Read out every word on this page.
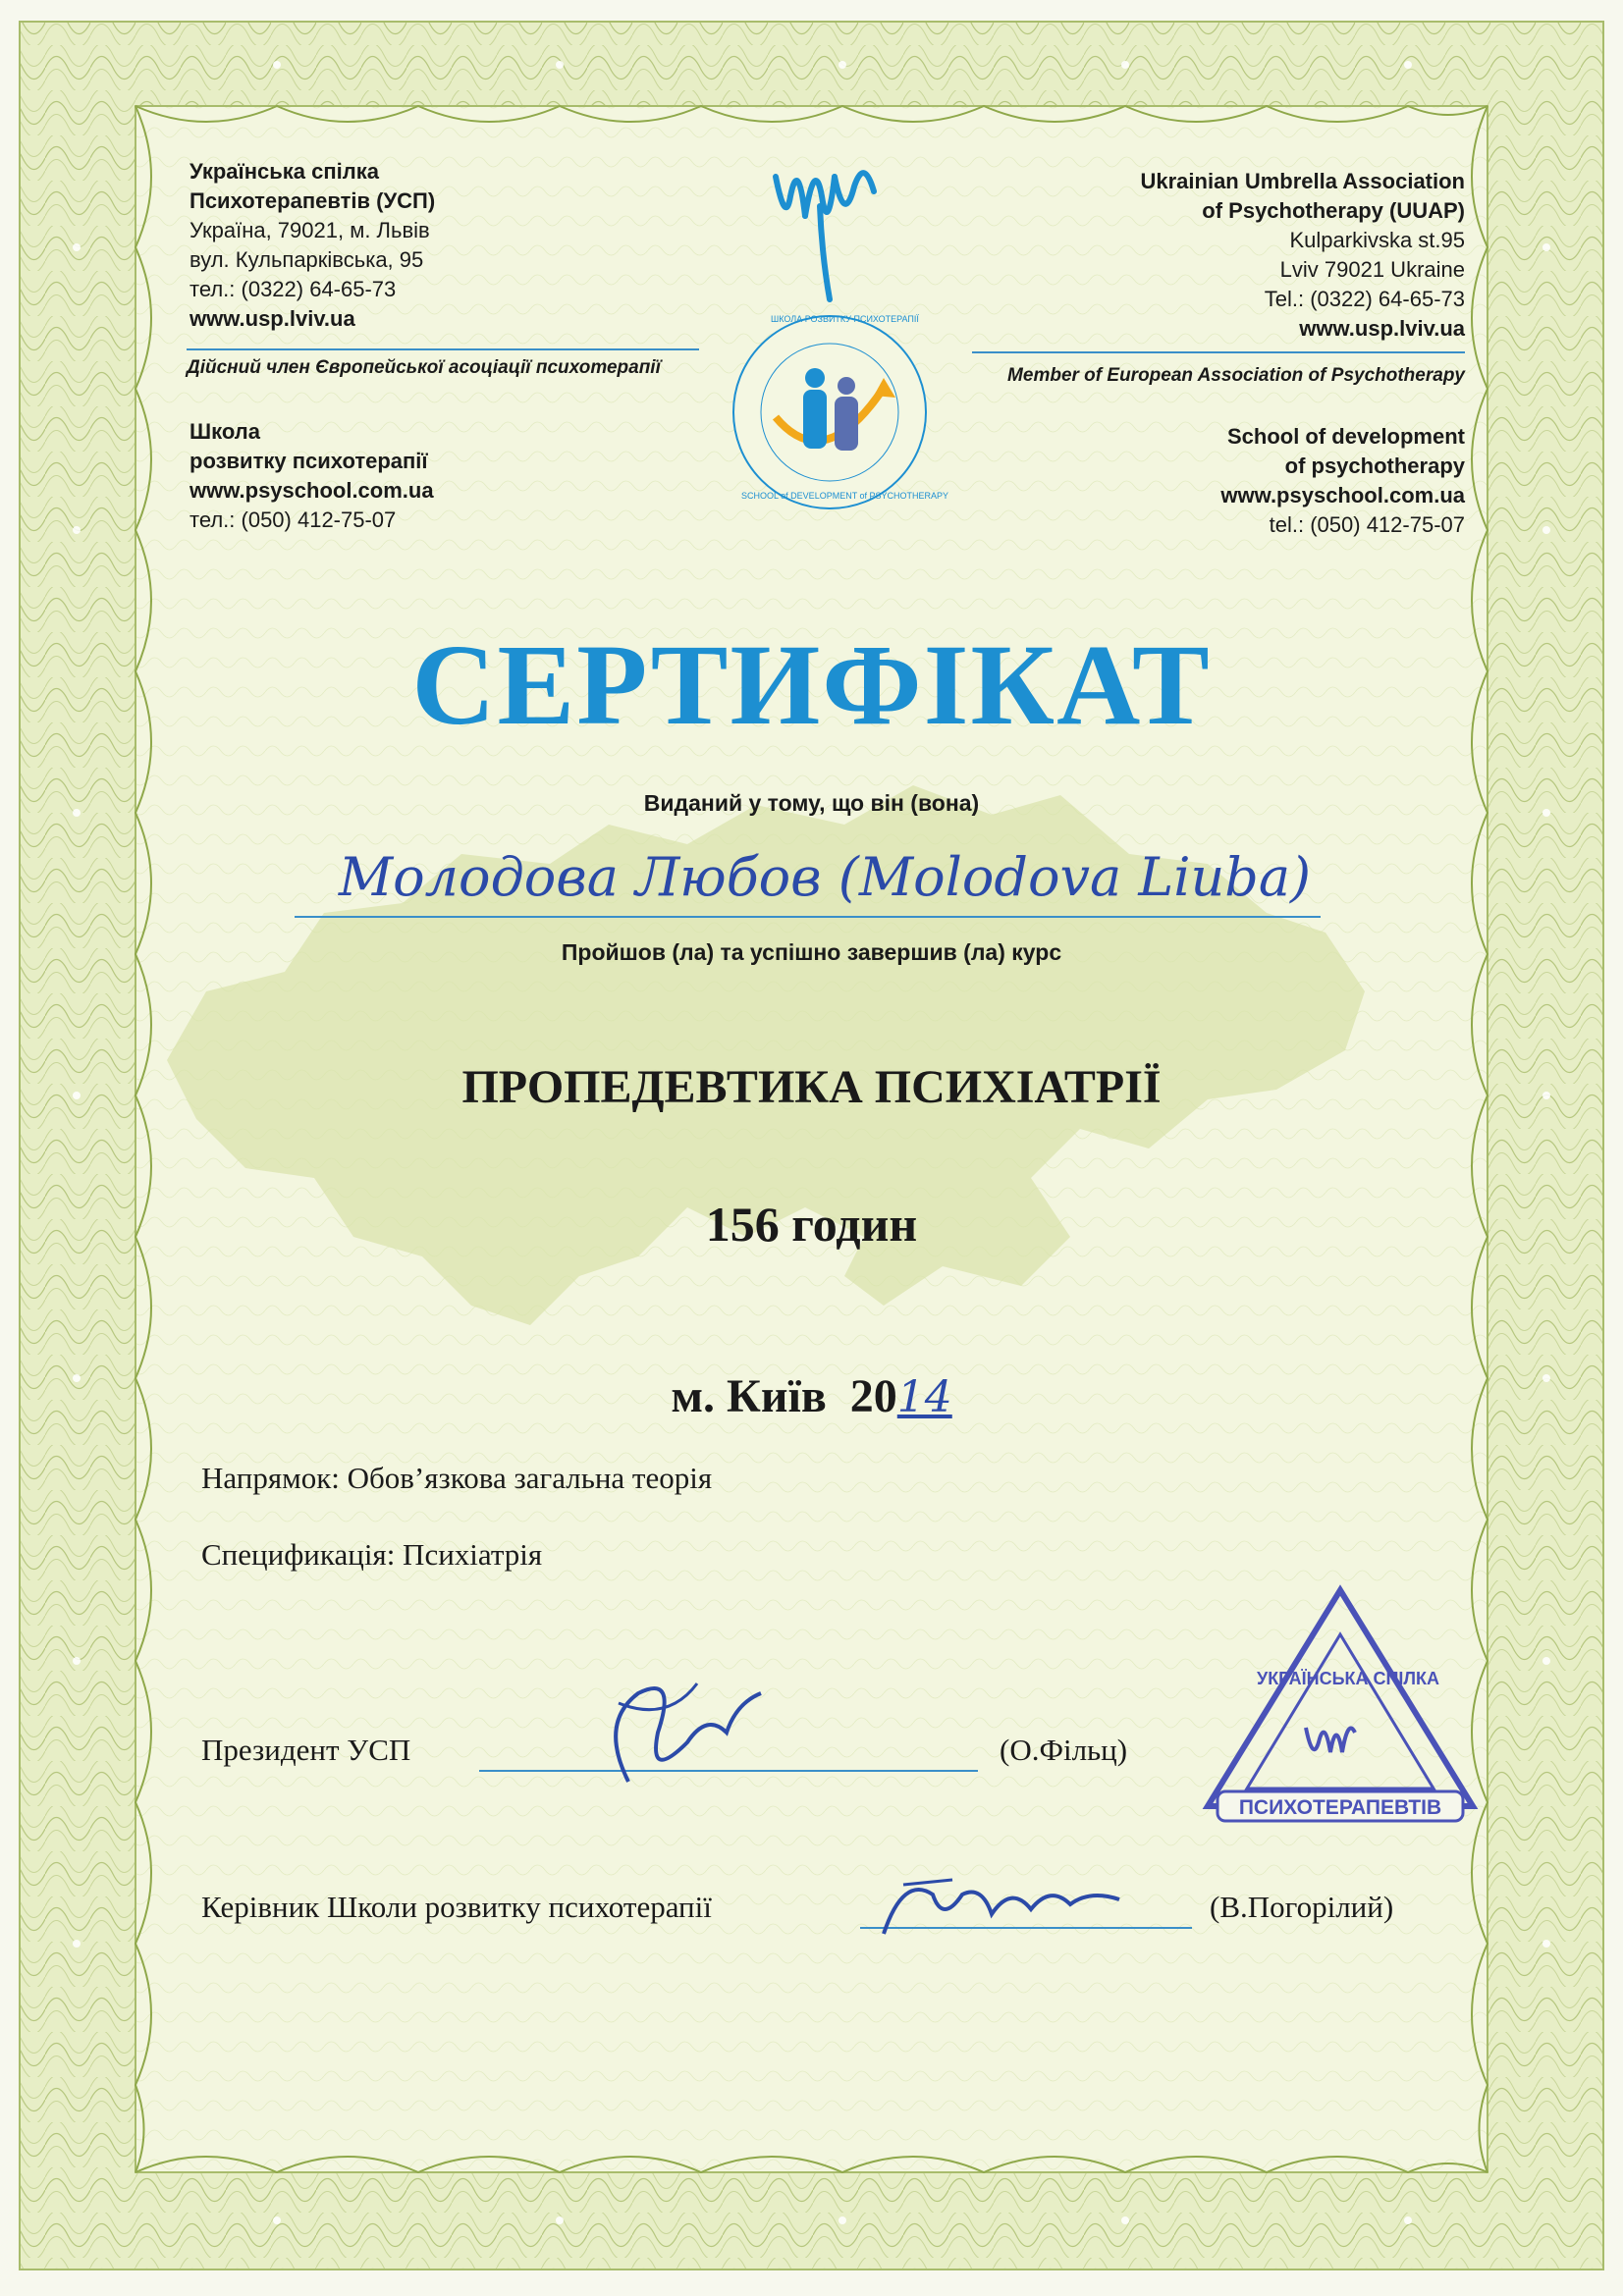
Українська спілка
Психотерапевтів (УСП)
Україна, 79021, м. Львів
вул. Кульпарківська, 95
тел.: (0322) 64-65-73
www.usp.lviv.ua
Дійсний член Європейської асоціації психотерапії
Школа
розвитку психотерапії
www.psyschool.com.ua
тел.: (050) 412-75-07
Ukrainian Umbrella Association
of Psychotherapy (UUAP)
Kulparkivska st.95
Lviv 79021 Ukraine
Tel.: (0322) 64-65-73
www.usp.lviv.ua
Member of European Association of Psychotherapy
School of development
of psychotherapy
www.psyschool.com.ua
tel.: (050) 412-75-07
ШКОЛА РОЗВИТКУ ПСИХОТЕРАПІЇ
SCHOOL of DEVELOPMENT of PSYCHOTHERAPY
СЕРТИФІКАТ
Виданий у тому, що він (вона)
Молодова Любов (Molodova Liuba)
Пройшов (ла) та успішно завершив (ла) курс
ПРОПЕДЕВТИКА ПСИХІАТРІЇ
156 годин

м. Київ  2014

Напрямок: Обов’язкова загальна теорія
Спецификація: Психіатрія
Президент УСП	(О.Фільц)
Керівник Школи розвитку психотерапії	(В.Погорілий)
УКРАЇНСЬКА СПІЛКА
ПСИХОТЕРАПЕВТІВ
